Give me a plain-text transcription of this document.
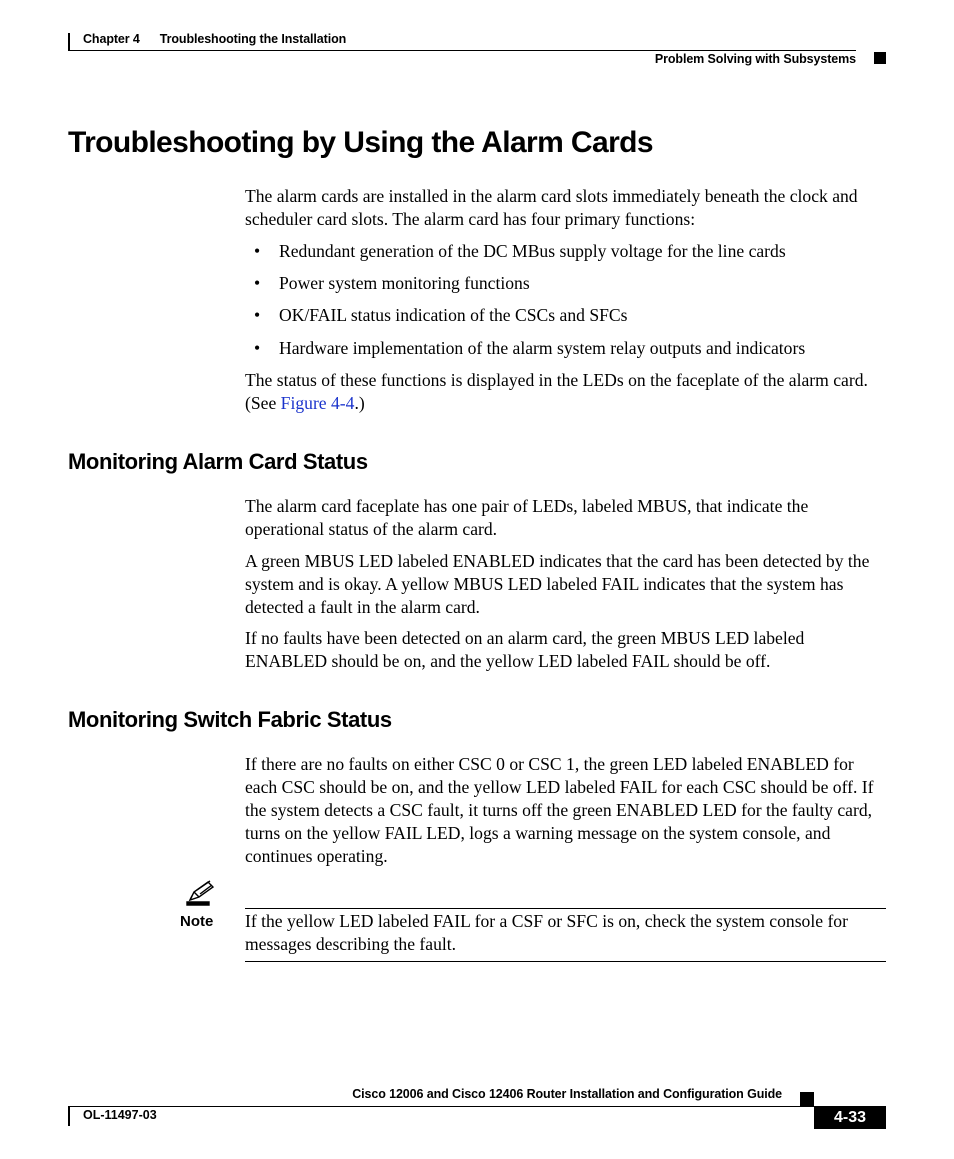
Chapter 4 Troubleshooting the Installation
Problem Solving with Subsystems
Troubleshooting by Using the Alarm Cards

The alarm cards are installed in the alarm card slots immediately beneath the clock and scheduler card slots. The alarm card has four primary functions:

• Redundant generation of the DC MBus supply voltage for the line cards
• Power system monitoring functions
• OK/FAIL status indication of the CSCs and SFCs
• Hardware implementation of the alarm system relay outputs and indicators

The status of these functions is displayed in the LEDs on the faceplate of the alarm card. (See Figure 4-4.)

Monitoring Alarm Card Status

The alarm card faceplate has one pair of LEDs, labeled MBUS, that indicate the operational status of the alarm card.

A green MBUS LED labeled ENABLED indicates that the card has been detected by the system and is okay. A yellow MBUS LED labeled FAIL indicates that the system has detected a fault in the alarm card.

If no faults have been detected on an alarm card, the green MBUS LED labeled ENABLED should be on, and the yellow LED labeled FAIL should be off.

Monitoring Switch Fabric Status

If there are no faults on either CSC 0 or CSC 1, the green LED labeled ENABLED for each CSC should be on, and the yellow LED labeled FAIL for each CSC should be off. If the system detects a CSC fault, it turns off the green ENABLED LED for the faulty card, turns on the yellow FAIL LED, logs a warning message on the system console, and continues operating.

Note If the yellow LED labeled FAIL for a CSF or SFC is on, check the system console for messages describing the fault.

Cisco 12006 and Cisco 12406 Router Installation and Configuration Guide
OL-11497-03	4-33
